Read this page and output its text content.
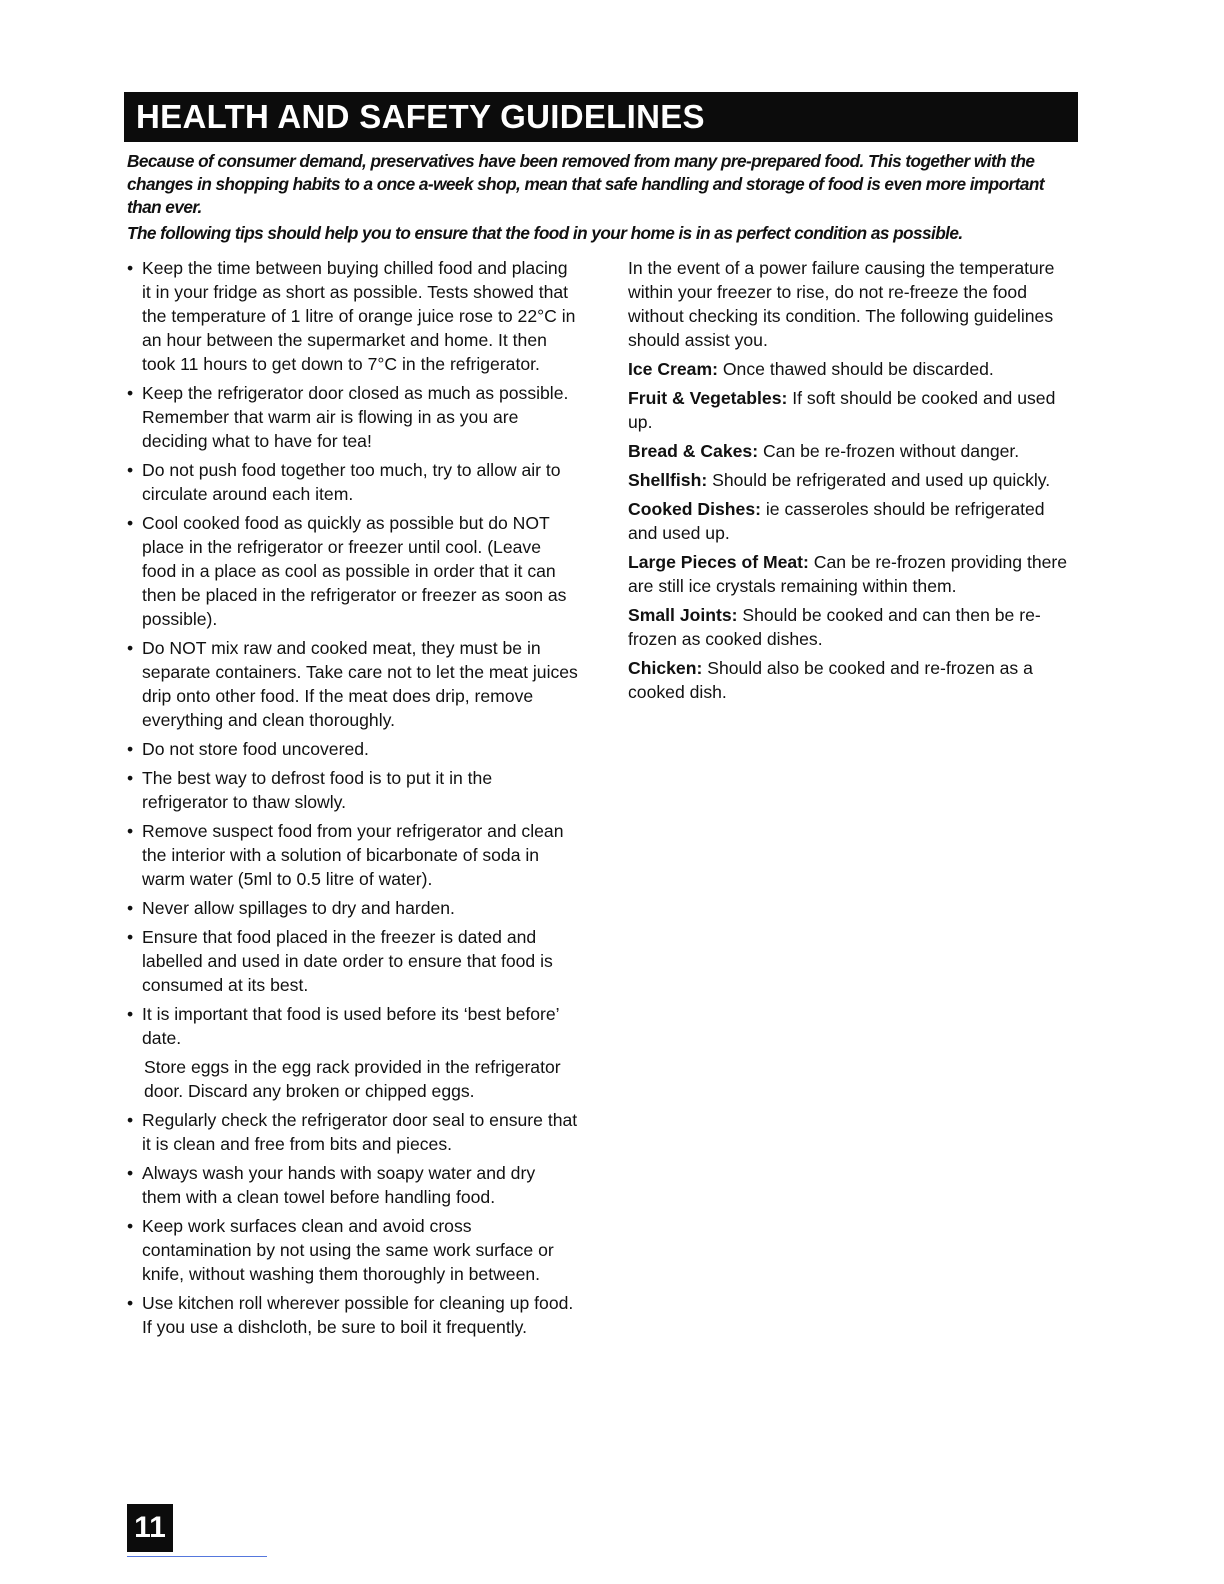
HEALTH AND SAFETY GUIDELINES

Because of consumer demand, preservatives have been removed from many pre-prepared food. This together with the changes in shopping habits to a once a-week shop, mean that safe handling and storage of food is even more important than ever.

The following tips should help you to ensure that the food in your home is in as perfect condition as possible.

• Keep the time between buying chilled food and placing it in your fridge as short as possible. Tests showed that the temperature of 1 litre of orange juice rose to 22°C in an hour between the supermarket and home. It then took 11 hours to get down to 7°C in the refrigerator.
• Keep the refrigerator door closed as much as possible. Remember that warm air is flowing in as you are deciding what to have for tea!
• Do not push food together too much, try to allow air to circulate around each item.
• Cool cooked food as quickly as possible but do NOT place in the refrigerator or freezer until cool. (Leave food in a place as cool as possible in order that it can then be placed in the refrigerator or freezer as soon as possible).
• Do NOT mix raw and cooked meat, they must be in separate containers. Take care not to let the meat juices drip onto other food. If the meat does drip, remove everything and clean thoroughly.
• Do not store food uncovered.
• The best way to defrost food is to put it in the refrigerator to thaw slowly.
• Remove suspect food from your refrigerator and clean the interior with a solution of bicarbonate of soda in warm water (5ml to 0.5 litre of water).
• Never allow spillages to dry and harden.
• Ensure that food placed in the freezer is dated and labelled and used in date order to ensure that food is consumed at its best.
• It is important that food is used before its ‘best before’ date.

Store eggs in the egg rack provided in the refrigerator door. Discard any broken or chipped eggs.

• Regularly check the refrigerator door seal to ensure that it is clean and free from bits and pieces.
• Always wash your hands with soapy water and dry them with a clean towel before handling food.
• Keep work surfaces clean and avoid cross contamination by not using the same work surface or knife, without washing them thoroughly in between.
• Use kitchen roll wherever possible for cleaning up food. If you use a dishcloth, be sure to boil it frequently.

In the event of a power failure causing the temperature within your freezer to rise, do not re-freeze the food without checking its condition. The following guidelines should assist you.

Ice Cream: Once thawed should be discarded.

Fruit & Vegetables: If soft should be cooked and used up.

Bread & Cakes: Can be re-frozen without danger.

Shellfish: Should be refrigerated and used up quickly.

Cooked Dishes: ie casseroles should be refrigerated and used up.

Large Pieces of Meat: Can be re-frozen providing there are still ice crystals remaining within them.

Small Joints: Should be cooked and can then be re-frozen as cooked dishes.

Chicken: Should also be cooked and re-frozen as a cooked dish.

11
